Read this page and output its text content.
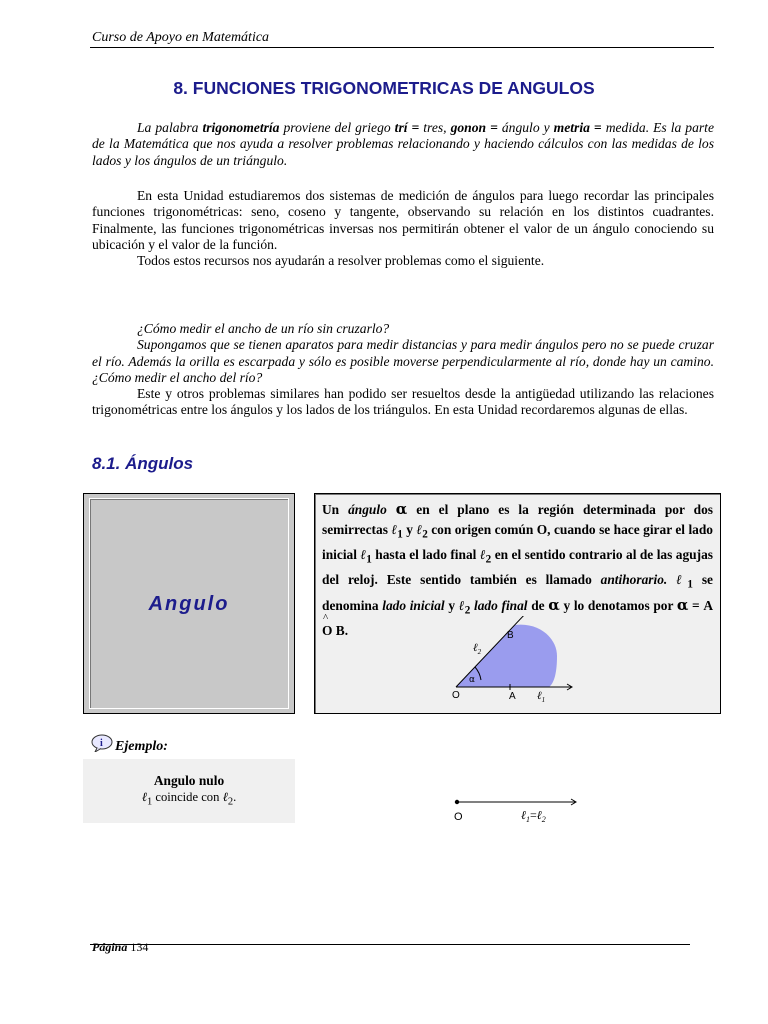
Curso de Apoyo en Matemática
8. FUNCIONES TRIGONOMETRICAS DE ANGULOS

La palabra trigonometría proviene del griego trí = tres, gonon = ángulo y metria = medida. Es la parte de la Matemática que nos ayuda a resolver problemas relacionando y haciendo cálculos con las medidas de los lados y los ángulos de un triángulo.

En esta Unidad estudiaremos dos sistemas de medición de ángulos para luego recordar las principales funciones trigonométricas: seno, coseno y tangente, observando su relación en los distintos cuadrantes. Finalmente, las funciones trigonométricas inversas nos permitirán obtener el valor de un ángulo conociendo su ubicación y el valor de la función.

Todos estos recursos nos ayudarán a resolver problemas como el siguiente.

¿Cómo medir el ancho de un río sin cruzarlo?

Supongamos que se tienen aparatos para medir distancias y para medir ángulos pero no se puede cruzar el río. Además la orilla es escarpada y sólo es posible moverse perpendicularmente al río, donde hay un camino. ¿Cómo medir el ancho del río?

Este y otros problemas similares han podido ser resueltos desde la antigüedad utilizando las relaciones trigonométricas entre los ángulos y los lados de los triángulos. En esta Unidad recordaremos algunas de ellas.

8.1. Ángulos
Angulo

Un ángulo α en el plano es la región determinada por dos semirrectas ℓ$_1$ y ℓ$_2$ con origen común O, cuando se hace girar el lado inicial ℓ$_1$ hasta el lado final ℓ$_2$ en el sentido contrario al de las agujas del reloj. Este sentido también es llamado antihorario. ℓ$_1$ se denomina lado inicial y ℓ$_2$ lado final de α y lo denotamos por α = A
^
O B.

α
O	A
B
ℓ$_1$
ℓ$_2$
i Ejemplo:
Angulo nulo
ℓ$_1$ coincide con ℓ$_2$.
O	ℓ$_1$=ℓ$_2$
Página 134
